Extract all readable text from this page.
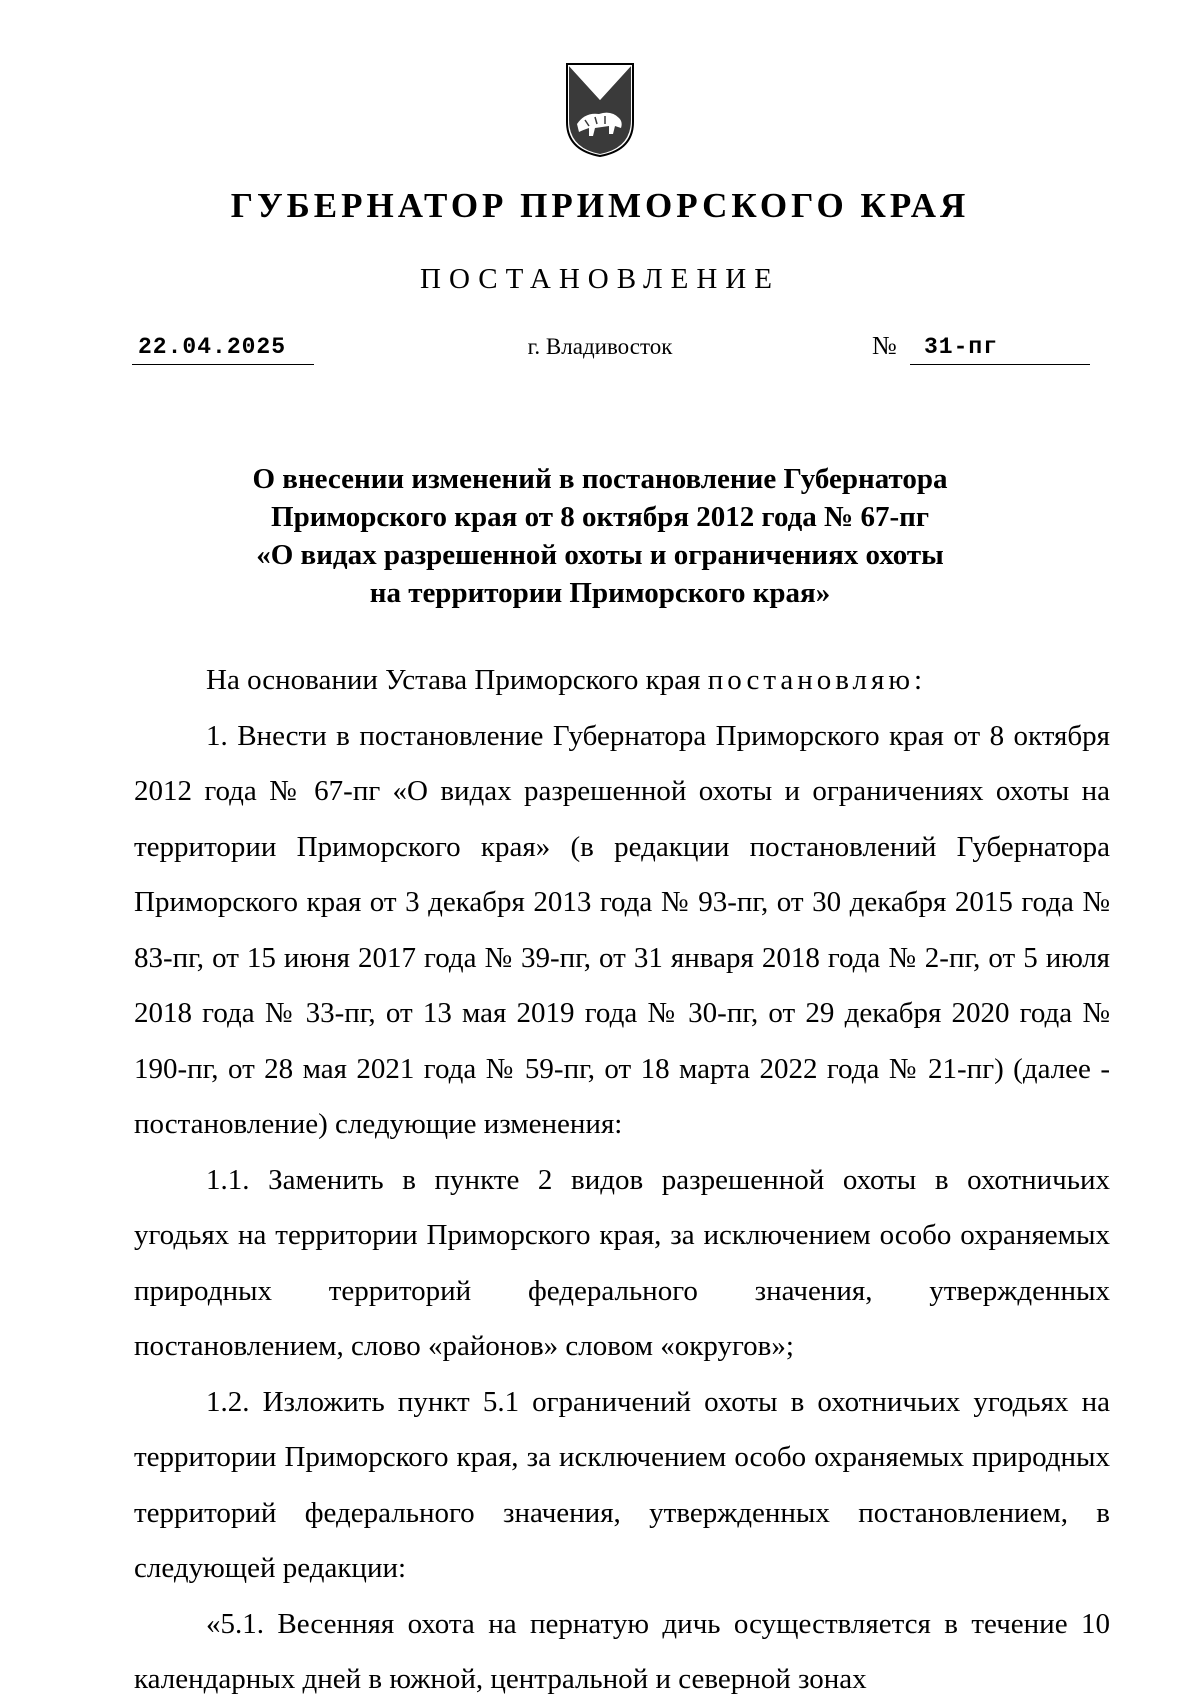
ГУБЕРНАТОР ПРИМОРСКОГО КРАЯ
ПОСТАНОВЛЕНИЕ
22.04.2025	г. Владивосток	№	31-пг
О внесении изменений в постановление Губернатора
Приморского края от 8 октября 2012 года № 67-пг
«О видах разрешенной охоты и ограничениях охоты
на территории Приморского края»
На основании Устава Приморского края постановляю:
1. Внести в постановление Губернатора Приморского края от 8 октября 2012 года № 67-пг «О видах разрешенной охоты и ограничениях охоты на территории Приморского края» (в редакции постановлений Губернатора Приморского края от 3 декабря 2013 года № 93-пг, от 30 декабря 2015 года № 83-пг, от 15 июня 2017 года № 39-пг, от 31 января 2018 года № 2-пг, от 5 июля 2018 года № 33-пг, от 13 мая 2019 года № 30-пг, от 29 декабря 2020 года № 190-пг, от 28 мая 2021 года № 59-пг, от 18 марта 2022 года № 21-пг) (далее - постановление) следующие изменения:
1.1. Заменить в пункте 2 видов разрешенной охоты в охотничьих угодьях на территории Приморского края, за исключением особо охраняемых природных территорий федерального значения, утвержденных постановлением, слово «районов» словом «округов»;
1.2. Изложить пункт 5.1 ограничений охоты в охотничьих угодьях на территории Приморского края, за исключением особо охраняемых природных территорий федерального значения, утвержденных постановлением, в следующей редакции:
«5.1. Весенняя охота на пернатую дичь осуществляется в течение 10 календарных дней в южной, центральной и северной зонах
